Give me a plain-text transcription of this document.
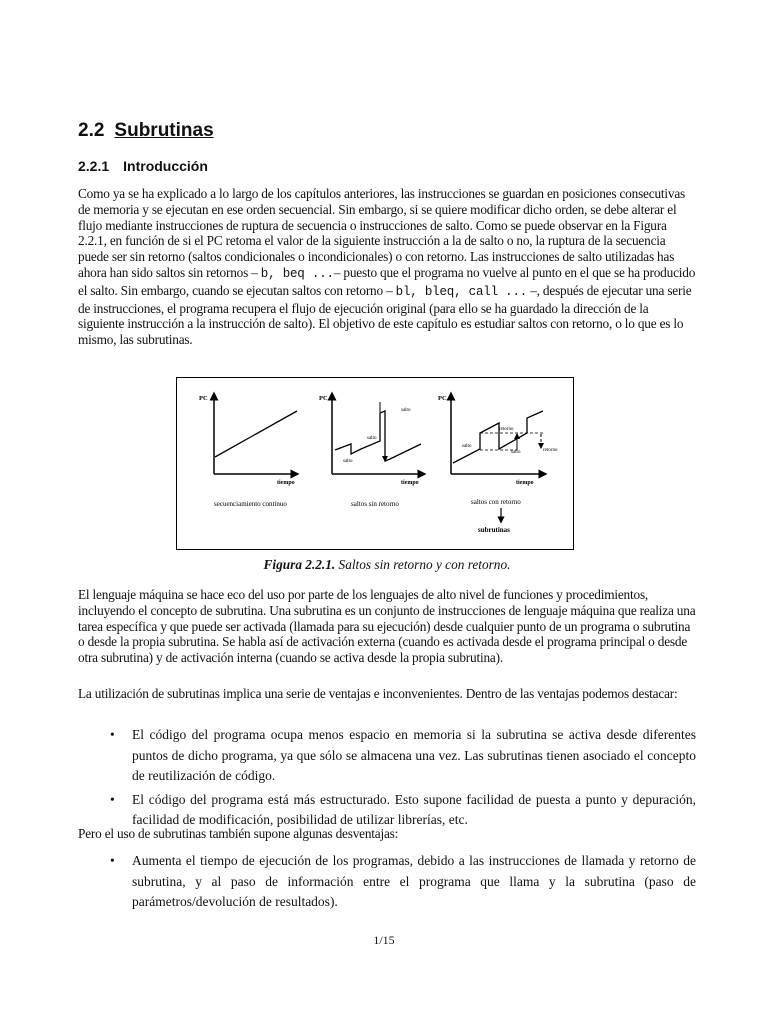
2.2 Subrutinas
2.2.1 Introducción

Como ya se ha explicado a lo largo de los capítulos anteriores, las instrucciones se guardan en posiciones consecutivas de memoria y se ejecutan en ese orden secuencial. Sin embargo, si se quiere modificar dicho orden, se debe alterar el flujo mediante instrucciones de ruptura de secuencia o instrucciones de salto. Como se puede observar en la Figura 2.2.1, en función de si el PC retoma el valor de la siguiente instrucción a la de salto o no, la ruptura de la secuencia puede ser sin retorno (saltos condicionales o incondicionales) o con retorno. Las instrucciones de salto utilizadas has ahora han sido saltos sin retornos – b, beq ...– puesto que el programa no vuelve al punto en el que se ha producido el salto. Sin embargo, cuando se ejecutan saltos con retorno – bl, bleq, call ... –, después de ejecutar una serie de instrucciones, el programa recupera el flujo de ejecución original (para ello se ha guardado la dirección de la siguiente instrucción a la instrucción de salto). El objetivo de este capítulo es estudiar saltos con retorno, o lo que es lo mismo, las subrutinas.

PC
tiempo
secuenciamiento continuo
PC
salto
salto
salto
tiempo
saltos sin retorno
PC
salto
salto
retorno
retorno
tiempo
saltos con retorno
subrutinas

Figura 2.2.1. Saltos sin retorno y con retorno.

El lenguaje máquina se hace eco del uso por parte de los lenguajes de alto nivel de funciones y procedimientos, incluyendo el concepto de subrutina. Una subrutina es un conjunto de instrucciones de lenguaje máquina que realiza una tarea específica y que puede ser activada (llamada para su ejecución) desde cualquier punto de un programa o subrutina o desde la propia subrutina. Se habla así de activación externa (cuando es activada desde el programa principal o desde otra subrutina) y de activación interna (cuando se activa desde la propia subrutina).

La utilización de subrutinas implica una serie de ventajas e inconvenientes. Dentro de las ventajas podemos destacar:

• El código del programa ocupa menos espacio en memoria si la subrutina se activa desde diferentes puntos de dicho programa, ya que sólo se almacena una vez. Las subrutinas tienen asociado el concepto de reutilización de código.
• El código del programa está más estructurado. Esto supone facilidad de puesta a punto y depuración, facilidad de modificación, posibilidad de utilizar librerías, etc.

Pero el uso de subrutinas también supone algunas desventajas:

• Aumenta el tiempo de ejecución de los programas, debido a las instrucciones de llamada y retorno de subrutina, y al paso de información entre el programa que llama y la subrutina (paso de parámetros/devolución de resultados).

1/15
